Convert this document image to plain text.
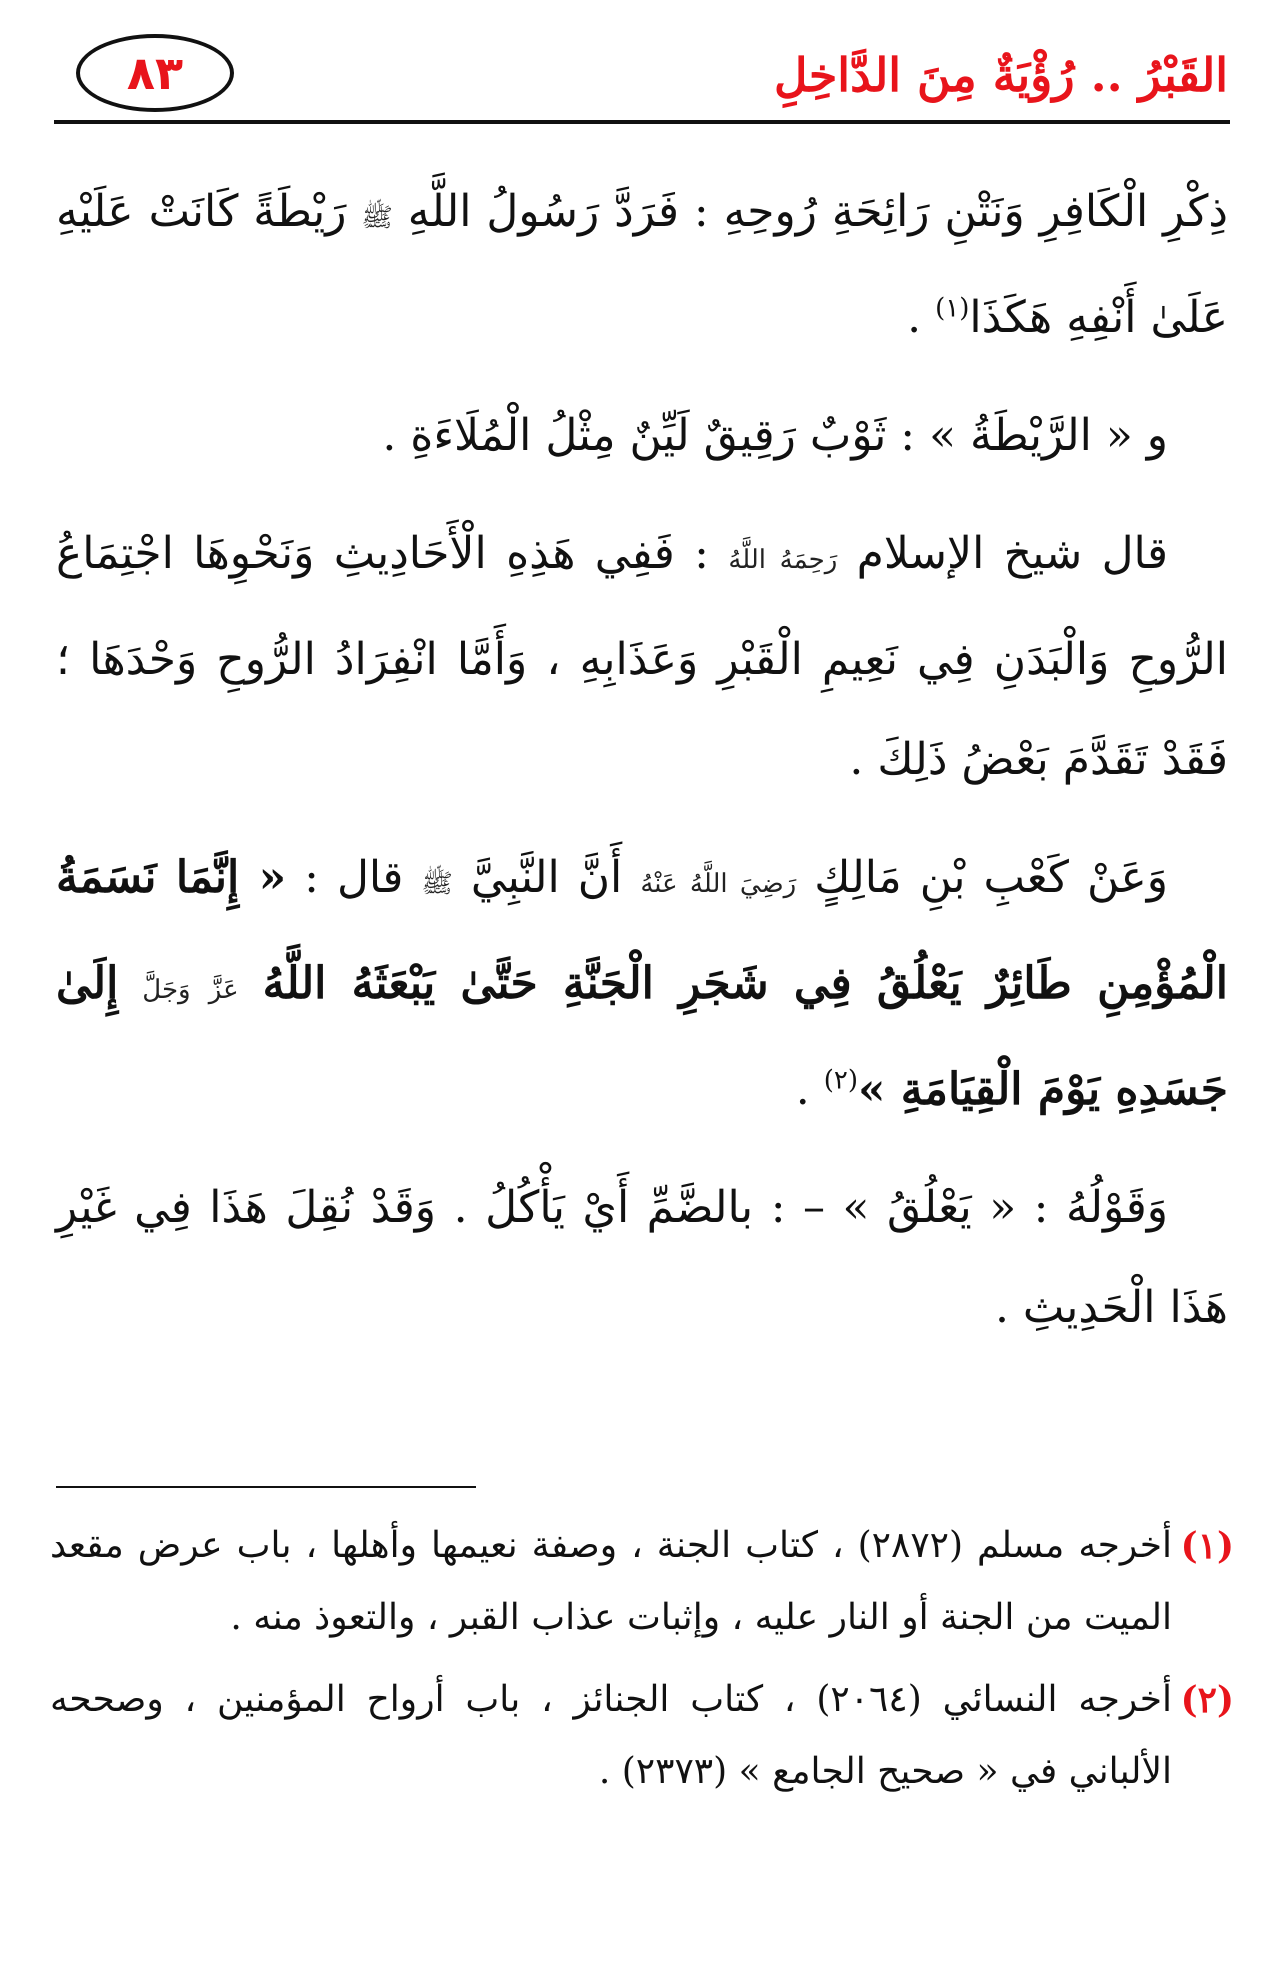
القَبْرُ .. رُؤْيَةٌ مِنَ الدَّاخِلِ
٨٣

ذِكْرِ الْكَافِرِ وَنَتْنِ رَائِحَةِ رُوحِهِ : فَرَدَّ رَسُولُ اللَّهِ ﷺ رَيْطَةً كَانَتْ عَلَيْهِ عَلَىٰ أَنْفِهِ هَكَذَا$^{(١)}$ .

و « الرَّيْطَةُ » : ثَوْبٌ رَقِيقٌ لَيِّنٌ مِثْلُ الْمُلَاءَةِ .

قال شيخ الإسلام رَحِمَهُ اللَّهُ : فَفِي هَذِهِ الْأَحَادِيثِ وَنَحْوِهَا اجْتِمَاعُ الرُّوحِ وَالْبَدَنِ فِي نَعِيمِ الْقَبْرِ وَعَذَابِهِ ، وَأَمَّا انْفِرَادُ الرُّوحِ وَحْدَهَا ؛ فَقَدْ تَقَدَّمَ بَعْضُ ذَلِكَ .

وَعَنْ كَعْبِ بْنِ مَالِكٍ رَضِيَ اللَّهُ عَنْهُ أَنَّ النَّبِيَّ ﷺ قال : « إِنَّمَا نَسَمَةُ الْمُؤْمِنِ طَائِرٌ يَعْلُقُ فِي شَجَرِ الْجَنَّةِ حَتَّىٰ يَبْعَثَهُ اللَّهُ عَزَّ وَجَلَّ إِلَىٰ جَسَدِهِ يَوْمَ الْقِيَامَةِ »$^{(٢)}$ .

وَقَوْلُهُ : « يَعْلُقُ » – : بالضَّمِّ أَيْ يَأْكُلُ . وَقَدْ نُقِلَ هَذَا فِي غَيْرِ هَذَا الْحَدِيثِ .

(١)
أخرجه مسلم (٢٨٧٢) ، كتاب الجنة ، وصفة نعيمها وأهلها ، باب عرض مقعد الميت من الجنة أو النار عليه ، وإثبات عذاب القبر ، والتعوذ منه .

(٢)
أخرجه النسائي (٢٠٦٤) ، كتاب الجنائز ، باب أرواح المؤمنين ، وصححه الألباني في « صحيح الجامع » (٢٣٧٣) .
